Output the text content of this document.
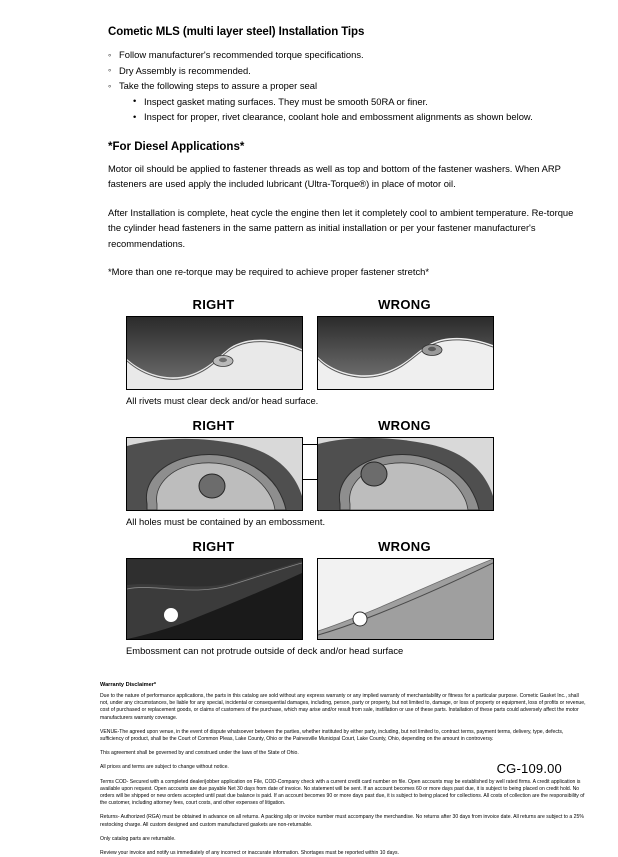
Cometic MLS (multi layer steel) Installation Tips
◦ Follow manufacturer's recommended torque specifications.
◦ Dry Assembly is recommended.
◦ Take the following steps to assure a proper seal
• Inspect gasket mating surfaces. They must be smooth 50RA or finer.
• Inspect for proper, rivet clearance, coolant hole and embossment alignments as shown below.
*For Diesel Applications*

Motor oil should be applied to fastener threads as well as top and bottom of the fastener washers. When ARP fasteners are used apply the included lubricant (Ultra-Torque®) in place of motor oil.

After Installation is complete, heat cycle the engine then let it completely cool to ambient temperature. Re-torque the cylinder head fasteners in the same pattern as initial installation or per your fastener manufacturer's recommendations.

*More than one re-torque may be required to achieve proper fastener stretch*

RIGHT	WRONG
All rivets must clear deck and/or head surface.
RIGHT	WRONG
All holes must be contained by an embossment.
RIGHT	WRONG
Embossment can not protrude outside of deck and/or head surface
Warranty Disclaimer*

Due to the nature of performance applications, the parts in this catalog are sold without any express warranty or any implied warranty of merchantability or fitness for a particular purpose. Cometic Gasket Inc., shall not, under any circumstances, be liable for any special, incidental or consequential damages, including, person, party or property, but not limited to, damage, or loss of property or equipment, loss of profits or revenue, cost of purchased or replacement goods, or claims of customers of the purchase, which may arise and/or result from sale, instillation or use of these parts. Installation of these parts could adversely affect the motor manufacturers warranty coverage.

VENUE-The agreed upon venue, in the event of dispute whatsoever between the parties, whether instituted by either party, including, but not limited to, contract terms, payment terms, delivery, type, defects, sufficiency of product, shall be the Court of Common Pleas, Lake County, Ohio or the Painesville Municipal Court, Lake County, Ohio, depending on the amount in controversy.

This agreement shall be governed by and construed under the laws of the State of Ohio.

All prices and terms are subject to change without notice.

Terms COD- Secured with a completed dealer/jobber application on File, COD-Company check with a current credit card number on file. Open accounts may be established by well rated firms. A credit application is available upon request. Open accounts are due payable Net 30 days from date of invoice. No statement will be sent. If an account becomes 60 or more days past due, it is subject to being placed on credit hold. No orders will be shipped or new orders accepted until past due balance is paid. If an account becomes 90 or more days past due, it is subject to being placed for collections. All costs of collection are the responsibility of the customer, including attorney fees, court costs, and other expenses of litigation.

Returns- Authorized (RGA) must be obtained in advance on all returns. A packing slip or invoice number must accompany the merchandise. No returns after 30 days from invoice date. All returns are subject to a 25% restocking charge. All custom designed and custom manufactured gaskets are non-returnable.

Only catalog parts are returnable.

Review your invoice and notify us immediately of any incorrect or inaccurate information. Shortages must be reported within 10 days.

CG-109.00
